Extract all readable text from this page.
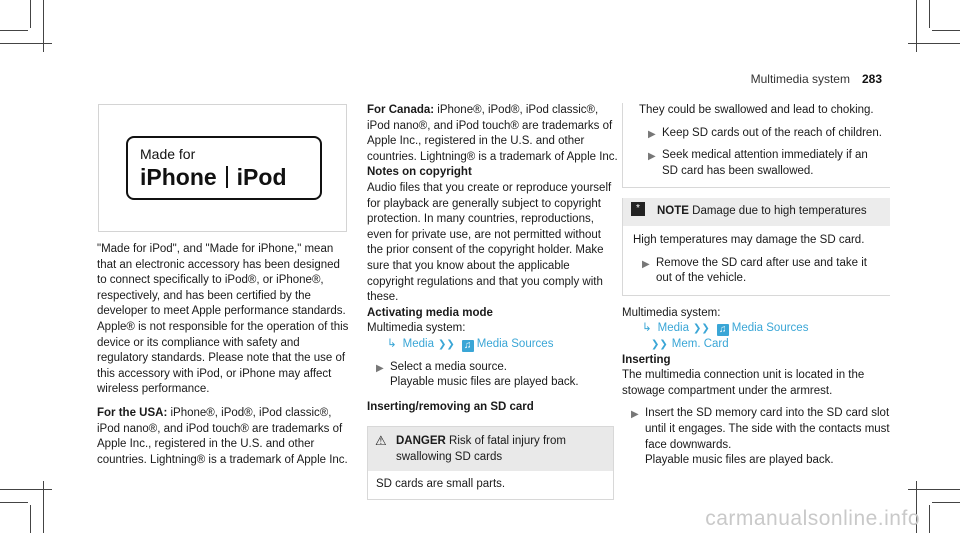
Multimedia system 283
Made for
iPhone iPod

"Made for iPod", and "Made for iPhone," mean that an electronic accessory has been designed to connect specifically to iPod®, or iPhone®, respectively, and has been certified by the developer to meet Apple performance standards. Apple® is not responsible for the operation of this device or its compliance with safety and regulatory standards. Please note that the use of this accessory with iPod, or iPhone may affect wireless performance.

For the USA: iPhone®, iPod®, iPod classic®, iPod nano®, and iPod touch® are trademarks of Apple Inc., registered in the U.S. and other countries. Lightning® is a trademark of Apple Inc.

For Canada: iPhone®, iPod®, iPod classic®, iPod nano®, and iPod touch® are trademarks of Apple Inc., registered in the U.S. and other countries. Lightning® is a trademark of Apple Inc.

Notes on copyright

Audio files that you create or reproduce yourself for playback are generally subject to copyright protection. In many countries, reproductions, even for private use, are not permitted without the prior consent of the copyright holder. Make sure that you know about the applicable copyright regulations and that you comply with these.

Activating media mode

Multimedia system:

↳ Media ❯❯ ♫ Media Sources

▶ Select a media source.
Playable music files are played back.

Inserting/removing an SD card

⚠ DANGER Risk of fatal injury from swallowing SD cards
SD cards are small parts.

They could be swallowed and lead to choking.

▶ Keep SD cards out of the reach of children.
▶ Seek medical attention immediately if an SD card has been swallowed.
*	NOTE Damage due to high temperatures

High temperatures may damage the SD card.

▶ Remove the SD card after use and take it out of the vehicle.

Multimedia system:

↳ Media ❯❯ ♫ Media Sources

❯❯ Mem. Card

Inserting

The multimedia connection unit is located in the stowage compartment under the armrest.

▶ Insert the SD memory card into the SD card slot until it engages. The side with the contacts must face downwards.
Playable music files are played back.
carmanualsonline.info
